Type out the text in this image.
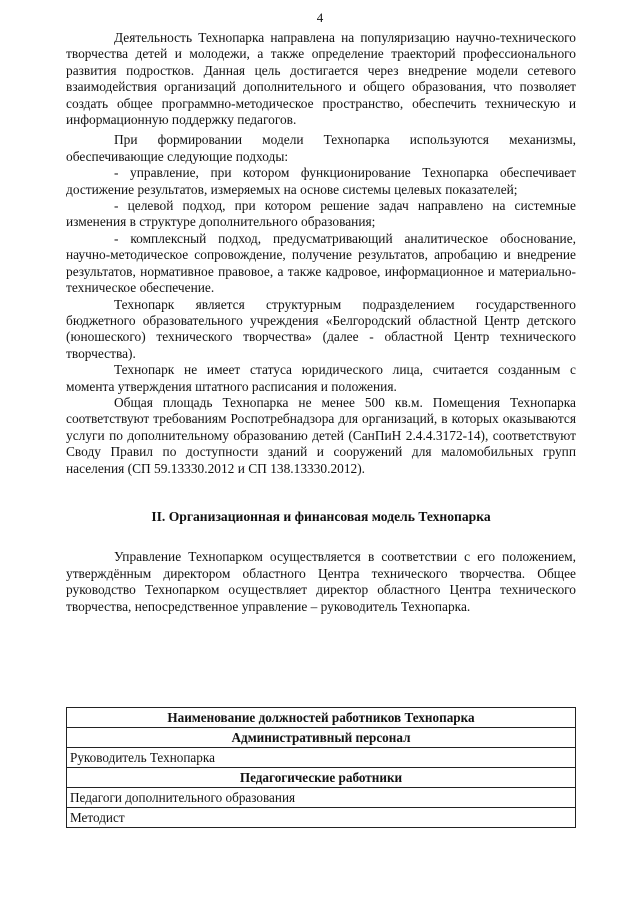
4

Деятельность Технопарка направлена на популяризацию научно-технического творчества детей и молодежи, а также определение траекторий профессионального развития подростков. Данная цель достигается через внедрение модели сетевого взаимодействия организаций дополнительного и общего образования, что позволяет создать общее программно-методическое пространство, обеспечить техническую и информационную поддержку педагогов.

При формировании модели Технопарка используются механизмы, обеспечивающие следующие подходы:

- управление, при котором функционирование Технопарка обеспечивает достижение результатов, измеряемых на основе системы целевых показателей;

- целевой подход, при котором решение задач направлено на системные изменения в структуре дополнительного образования;

- комплексный подход, предусматривающий аналитическое обоснование, научно-методическое сопровождение, получение результатов, апробацию и внедрение результатов, нормативное правовое, а также кадровое, информационное и материально-техническое обеспечение.

Технопарк является структурным подразделением государственного бюджетного образовательного учреждения «Белгородский областной Центр детского (юношеского) технического творчества» (далее - областной Центр технического творчества).

Технопарк не имеет статуса юридического лица, считается созданным с момента утверждения штатного расписания и положения.

Общая площадь Технопарка не менее 500 кв.м. Помещения Технопарка соответствуют требованиям Роспотребнадзора для организаций, в которых оказываются услуги по дополнительному образованию детей (СанПиН 2.4.4.3172-14), соответствуют Своду Правил по доступности зданий и сооружений для маломобильных групп населения (СП 59.13330.2012 и СП 138.13330.2012).

II. Организационная и финансовая модель Технопарка

Управление Технопарком осуществляется в соответствии с его положением, утверждённым директором областного Центра технического творчества. Общее руководство Технопарком осуществляет директор областного Центра технического творчества, непосредственное управление – руководитель Технопарка.

Наименование должностей работников Технопарка
Административный персонал
Руководитель Технопарка
Педагогические работники
Педагоги дополнительного образования
Методист
